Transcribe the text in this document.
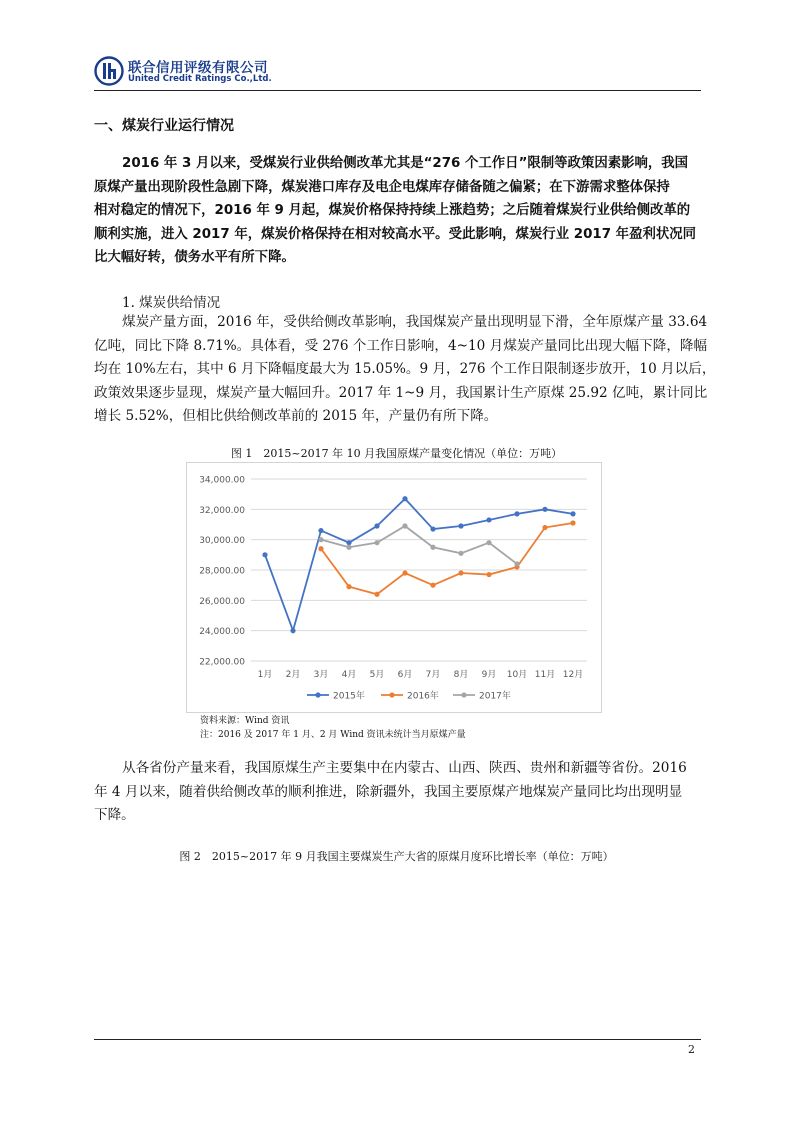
联合信用评级有限公司
United Credit Ratings Co.,Ltd.
一、煤炭行业运行情况
2016 年 3 月以来，受煤炭行业供给侧改革尤其是“276 个工作日”限制等政策因素影响，我国
原煤产量出现阶段性急剧下降，煤炭港口库存及电企电煤库存储备随之偏紧；在下游需求整体保持
相对稳定的情况下，2016 年 9 月起，煤炭价格保持持续上涨趋势；之后随着煤炭行业供给侧改革的
顺利实施，进入 2017 年，煤炭价格保持在相对较高水平。受此影响，煤炭行业 2017 年盈利状况同
比大幅好转，债务水平有所下降。
1. 煤炭供给情况
煤炭产量方面，2016 年，受供给侧改革影响，我国煤炭产量出现明显下滑，全年原煤产量 33.64
亿吨，同比下降 8.71%。具体看，受 276 个工作日影响，4~10 月煤炭产量同比出现大幅下降，降幅
均在 10%左右，其中 6 月下降幅度最大为 15.05%。9 月，276 个工作日限制逐步放开，10 月以后，
政策效果逐步显现，煤炭产量大幅回升。2017 年 1~9 月，我国累计生产原煤 25.92 亿吨，累计同比
增长 5.52%，但相比供给侧改革前的 2015 年，产量仍有所下降。
图 1　2015~2017 年 10 月我国原煤产量变化情况（单位：万吨）
22,000.00
24,000.00
26,000.00
28,000.00
30,000.00
32,000.00
34,000.00
1月 2月 3月 4月 5月 6月 7月 8月 9月 10月 11月 12月
2015年	2016年	2017年
资料来源：Wind 资讯
注：2016 及 2017 年 1 月、2 月 Wind 资讯未统计当月原煤产量
从各省份产量来看，我国原煤生产主要集中在内蒙古、山西、陕西、贵州和新疆等省份。2016
年 4 月以来，随着供给侧改革的顺利推进，除新疆外，我国主要原煤产地煤炭产量同比均出现明显
下降。
图 2　2015~2017 年 9 月我国主要煤炭生产大省的原煤月度环比增长率（单位：万吨）
2
